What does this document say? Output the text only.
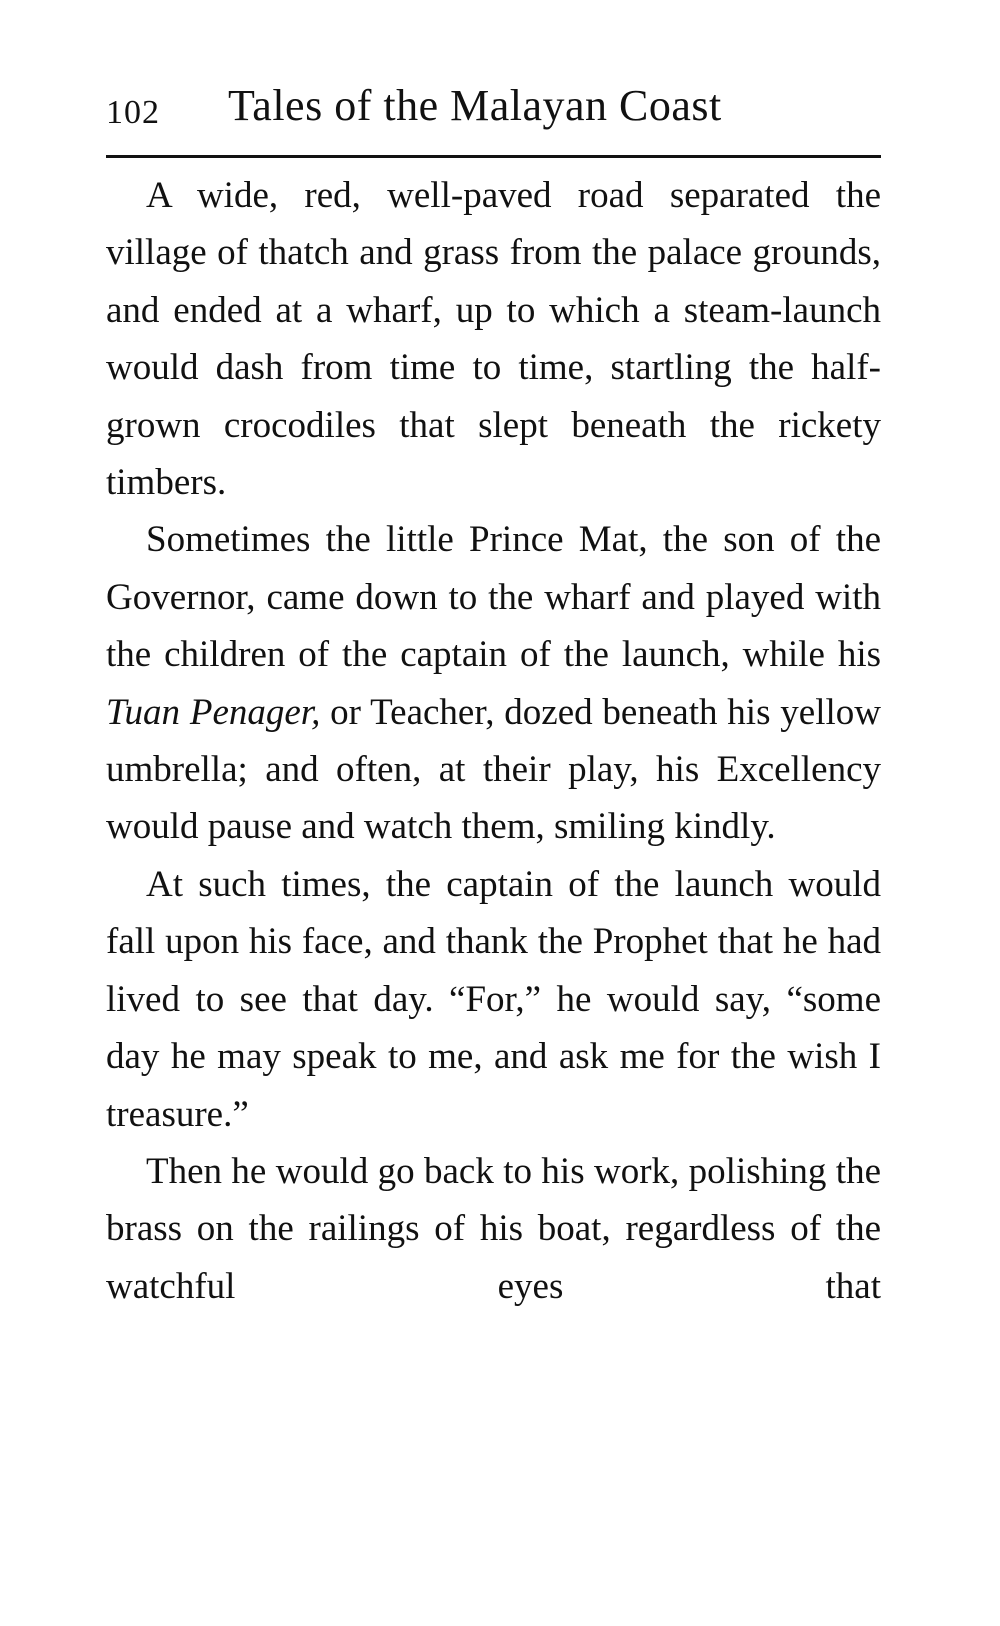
102 Tales of the Malayan Coast

A wide, red, well-paved road separated the village of thatch and grass from the palace grounds, and ended at a wharf, up to which a steam-launch would dash from time to time, startling the half-grown crocodiles that slept beneath the rickety timbers.

Sometimes the little Prince Mat, the son of the Governor, came down to the wharf and played with the children of the captain of the launch, while his Tuan Penager, or Teacher, dozed beneath his yellow umbrella; and often, at their play, his Excellency would pause and watch them, smiling kindly.

At such times, the captain of the launch would fall upon his face, and thank the Prophet that he had lived to see that day. “For,” he would say, “some day he may speak to me, and ask me for the wish I treasure.”

Then he would go back to his work, polishing the brass on the railings of his boat, regardless of the watchful eyes that
